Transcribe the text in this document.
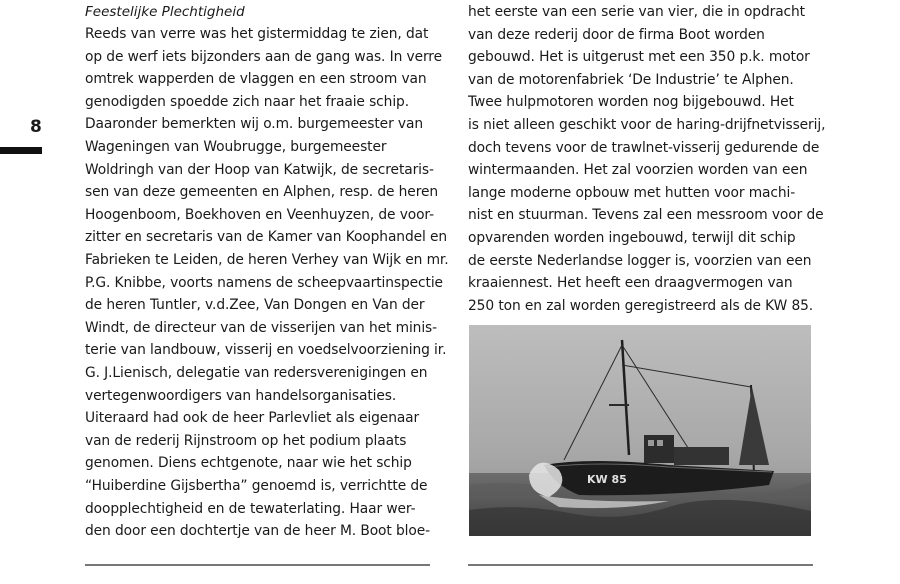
8
Feestelijke Plechtigheid
Reeds van verre was het gistermiddag te zien, dat
op de werf iets bijzonders aan de gang was. In verre
omtrek wapperden de vlaggen en een stroom van
genodigden spoedde zich naar het fraaie schip.
Daaronder bemerkten wij o.m. burgemeester van
Wageningen van Woubrugge, burgemeester
Woldringh van der Hoop van Katwijk, de secretaris-
sen van deze gemeenten en Alphen, resp. de heren
Hoogenboom, Boekhoven en Veenhuyzen, de voor-
zitter en secretaris van de Kamer van Koophandel en
Fabrieken te Leiden, de heren Verhey van Wijk en mr.
P.G. Knibbe, voorts namens de scheepvaartinspectie
de heren Tuntler, v.d.Zee, Van Dongen en Van der
Windt, de directeur van de visserijen van het minis-
terie van landbouw, visserij en voedselvoorziening ir.
G. J.Lienisch, delegatie van redersverenigingen en
vertegenwoordigers van handelsorganisaties.
Uiteraard had ook de heer Parlevliet als eigenaar
van de rederij Rijnstroom op het podium plaats
genomen. Diens echtgenote, naar wie het schip
“Huiberdine Gijsbertha” genoemd is, verrichtte de
doopplechtigheid en de tewaterlating. Haar wer-
den door een dochtertje van de heer M. Boot bloe-
het eerste van een serie van vier, die in opdracht
van deze rederij door de firma Boot worden
gebouwd. Het is uitgerust met een 350 p.k. motor
van de motorenfabriek ‘De Industrie’ te Alphen.
Twee hulpmotoren worden nog bijgebouwd. Het
is niet alleen geschikt voor de haring-drijfnetvisserij,
doch tevens voor de trawlnet-visserij gedurende de
wintermaanden. Het zal voorzien worden van een
lange moderne opbouw met hutten voor machi-
nist en stuurman. Tevens zal een messroom voor de
opvarenden worden ingebouwd, terwijl dit schip
de eerste Nederlandse logger is, voorzien van een
kraaiennest. Het heeft een draagvermogen van
250 ton en zal worden geregistreerd als de KW 85.
KW 85
